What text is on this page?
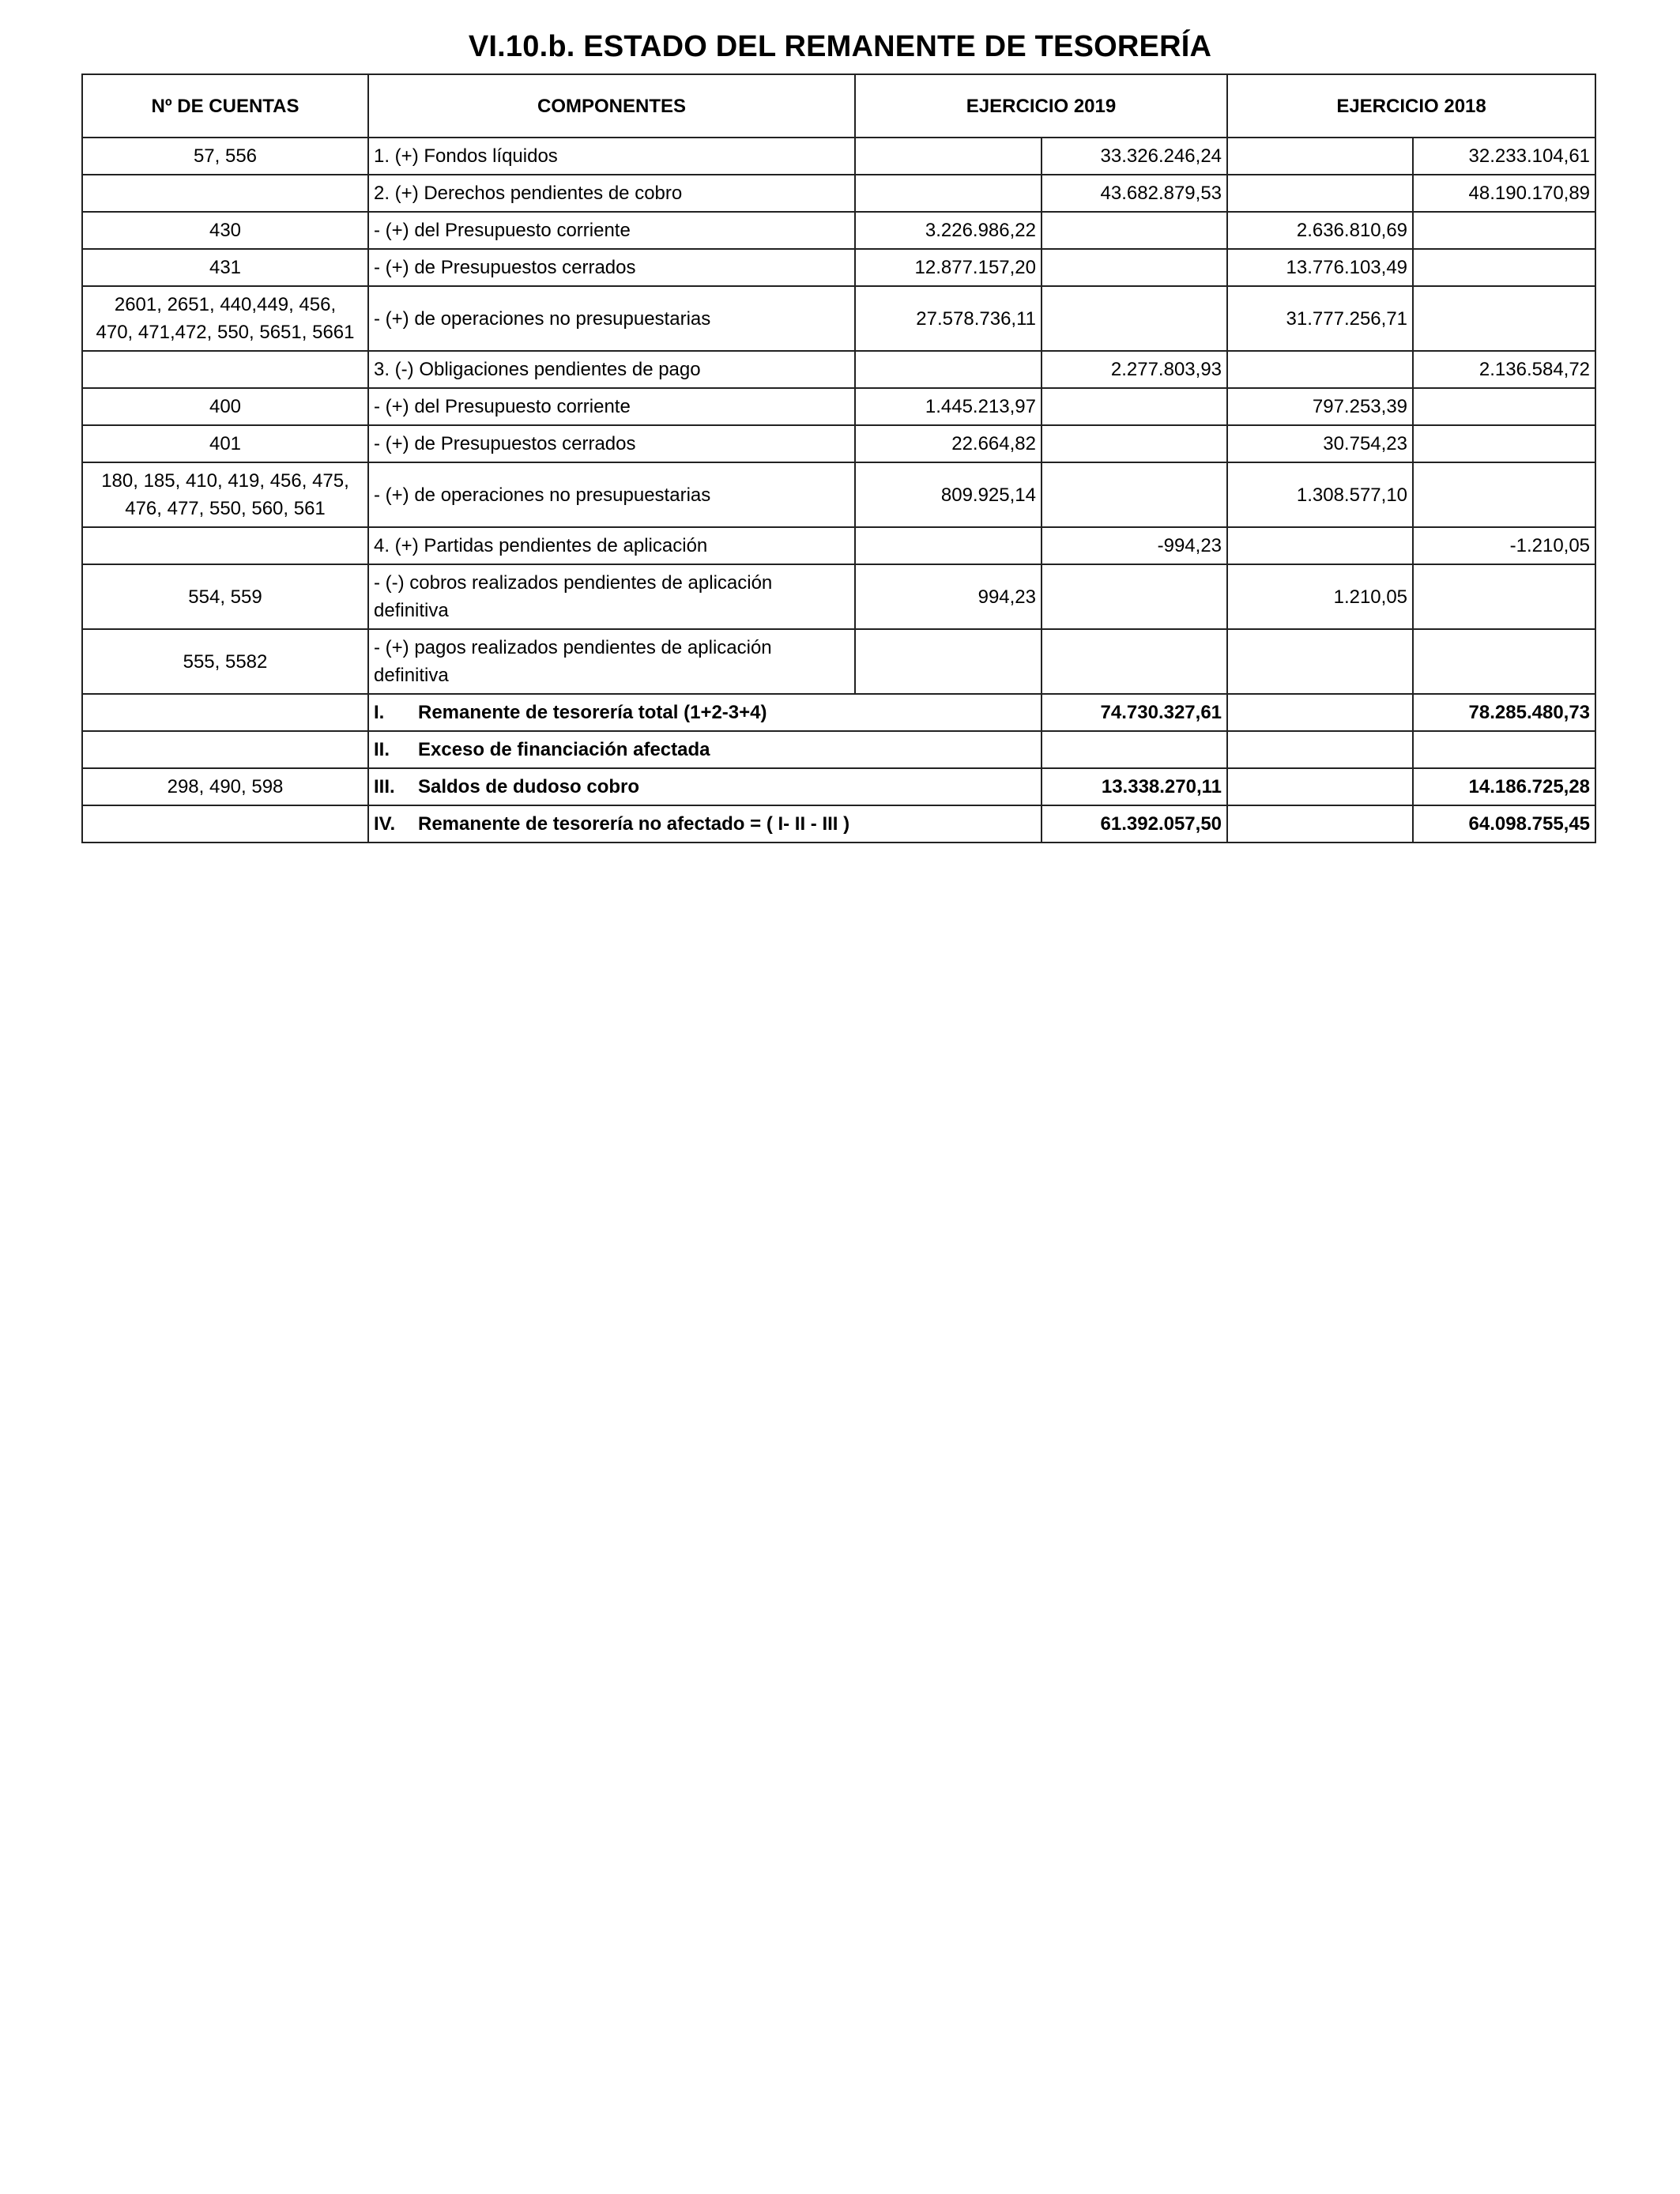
VI.10.b. ESTADO DEL REMANENTE DE TESORERÍA
Nº DE CUENTAS	COMPONENTES	EJERCICIO 2019		EJERCICIO 2018	
57, 556	1. (+) Fondos líquidos		33.326.246,24		32.233.104,61
	2. (+) Derechos pendientes de cobro		43.682.879,53		48.190.170,89
430	- (+) del Presupuesto corriente	3.226.986,22		2.636.810,69	
431	- (+) de Presupuestos cerrados	12.877.157,20		13.776.103,49	
2601, 2651, 440,449, 456,
470, 471,472, 550, 5651, 5661	- (+) de operaciones no presupuestarias	27.578.736,11		31.777.256,71	
	3. (-) Obligaciones pendientes de pago		2.277.803,93		2.136.584,72
400	- (+) del Presupuesto corriente	1.445.213,97		797.253,39	
401	- (+) de Presupuestos cerrados	22.664,82		30.754,23	
180, 185, 410, 419, 456, 475,
476, 477, 550, 560, 561	- (+) de operaciones no presupuestarias	809.925,14		1.308.577,10	
	4. (+) Partidas pendientes de aplicación		-994,23		-1.210,05
554, 559	- (-) cobros realizados pendientes de aplicación
definitiva	994,23		1.210,05	
555, 5582	- (+) pagos realizados pendientes de aplicación
definitiva				
	I. Remanente de tesorería total (1+2-3+4)		74.730.327,61		78.285.480,73
	II. Exceso de financiación afectada				
298, 490, 598	III. Saldos de dudoso cobro		13.338.270,11		14.186.725,28
	IV. Remanente de tesorería no afectado = ( I- II - III )		61.392.057,50		64.098.755,45
